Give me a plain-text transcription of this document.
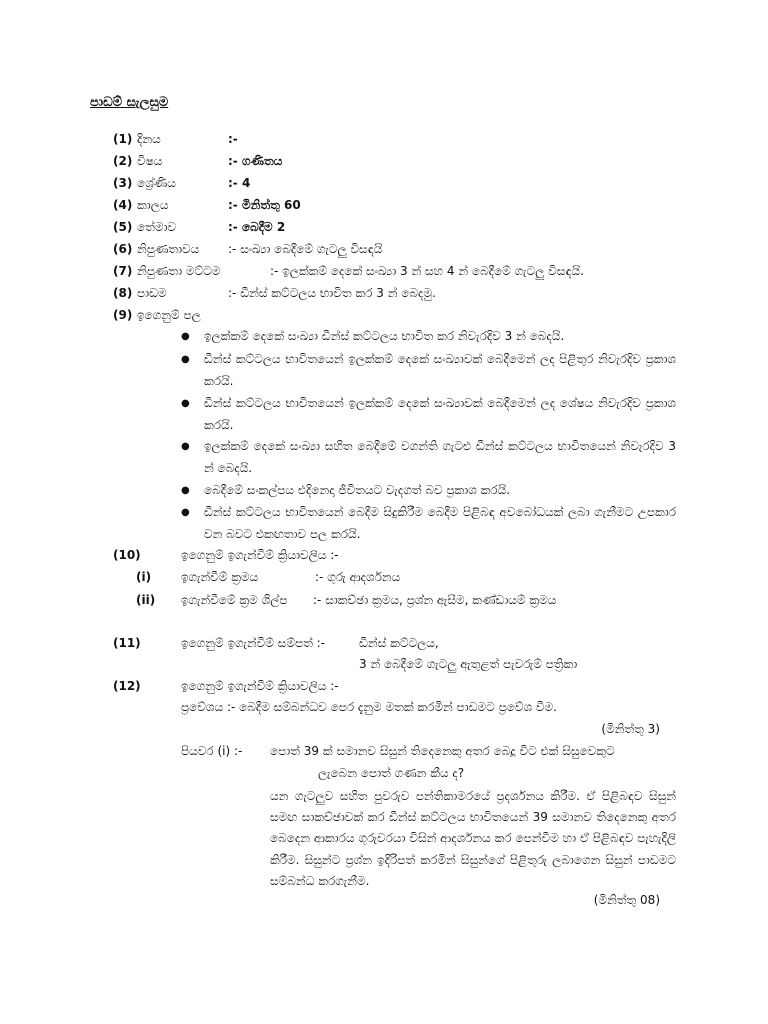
පාඩම් සැලසුම
(1) දිනය	:-
(2) විෂය	:- ගණිතය
(3) ශ්‍රේණිය	:- 4
(4) කාලය	:- මිනිත්තු 60
(5) තේමාව	:- බෙදීම 2
(6) නිපුණතාවය :- සංඛ්‍යා බෙදීමේ ගැටලු විසඳයි
(7) නිපුණතා මට්ටම	:- ඉලක්කම් දෙකේ සංඛ්‍යා 3 න් සහ 4 න් බෙදීමේ ගැටලු විසඳයි.
(8) පාඩම	:- ඩීන්ස් කට්ටලය භාවිත කර 3 න් බෙදමු.
(9) ඉගෙනුම් පල
● ඉලක්කම් දෙකේ සංඛ්‍යා ඩීන්ස් කට්ටලය භාවිත කර නිවැරදිව 3 න් බෙදයි.
● ඩීන්ස් කට්ටලය භාවිතයෙන් ඉලක්කම් දෙකේ සංඛ්‍යාවක් බෙදීමෙන් ලද පිළිතුර නිවැරදිව ප්‍රකාශ කරයි.
● ඩීන්ස් කට්ටලය භාවිතයෙන් ඉලක්කම් දෙකේ සංඛ්‍යාවක් බෙදීමෙන් ලද ශේෂය නිවැරදිව ප්‍රකාශ කරයි.
● ඉලක්කම් දෙකේ සංඛ්‍යා සහිත බෙදීමේ වගන්ති ගැටළු ඩීන්ස් කට්ටලය භාවිතයෙන් නිවැරදිව 3 න් බෙදයි.
● බෙදීමේ සංකල්පය එදිනෙදා ජීවිතයට වැදගත් බව ප්‍රකාශ කරයි.
● ඩීන්ස් කට්ටලය භාවිතයෙන් බෙදීම සිදුකිරීම බෙදීම පිළිබඳ අවබෝධයක් ලබා ගැනීමට උපකාර වන බවට එකඟතාව පල කරයි.
(10)	ඉගෙනුම් ඉගැන්වීම් ක්‍රියාවලිය :-
(i) ඉගැන්වීම් ක්‍රමය	:- ගුරු ආදර්ශනය
(ii) ඉගැන්වීමේ ක්‍රම ශිල්ප :- සාකච්ඡා ක්‍රමය, ප්‍රශ්න ඇසීම, කණ්ඩායම් ක්‍රමය
(11)	ඉගෙනුම් ඉගැන්වීම් සම්පත් :-	ඩීන්ස් කට්ටලය,
3 න් බෙදීමේ ගැටලු ඇතුළත් පැවරුම් පත්‍රිකා
(12)	ඉගෙනුම් ඉගැන්වීම් ක්‍රියාවලිය :-
ප්‍රවේශය :- බෙදීම සම්බන්ධව පෙර දැනුම මතක් කරමින් පාඩමට ප්‍රවේශ වීම.
(මිනිත්තු 3)
පියවර (i) :- පොත් 39 ක් සමානව සිසුන් තිදෙනෙකු අතර බෙදූ විට එක් සිසුවෙකුට
ලැබෙන පොත් ගණන කීය ද?
යන ගැටලුව සහිත පුවරුව පන්තිකාමරයේ ප්‍රදර්ශනය කිරීම. ඒ පිළිබඳව සිසුන් සමඟ සාකච්ඡාවක් කර ඩීන්ස් කට්ටලය භාවිතයෙන් 39 සමානව තිදෙනෙකු අතර බෙදෙන ආකාරය ගුරුවරයා විසින් ආදර්ශනය කර පෙන්වීම හා ඒ පිළිබඳව පැහැදිලි කිරීම. සිසුන්ට ප්‍රශ්න ඉදිරිපත් කරමින් සිසුන්ගේ පිළිතුරු ලබාගෙන සිසුන් පාඩමට සම්බන්ධ කරගැනීම.
(මිනිත්තු 08)
